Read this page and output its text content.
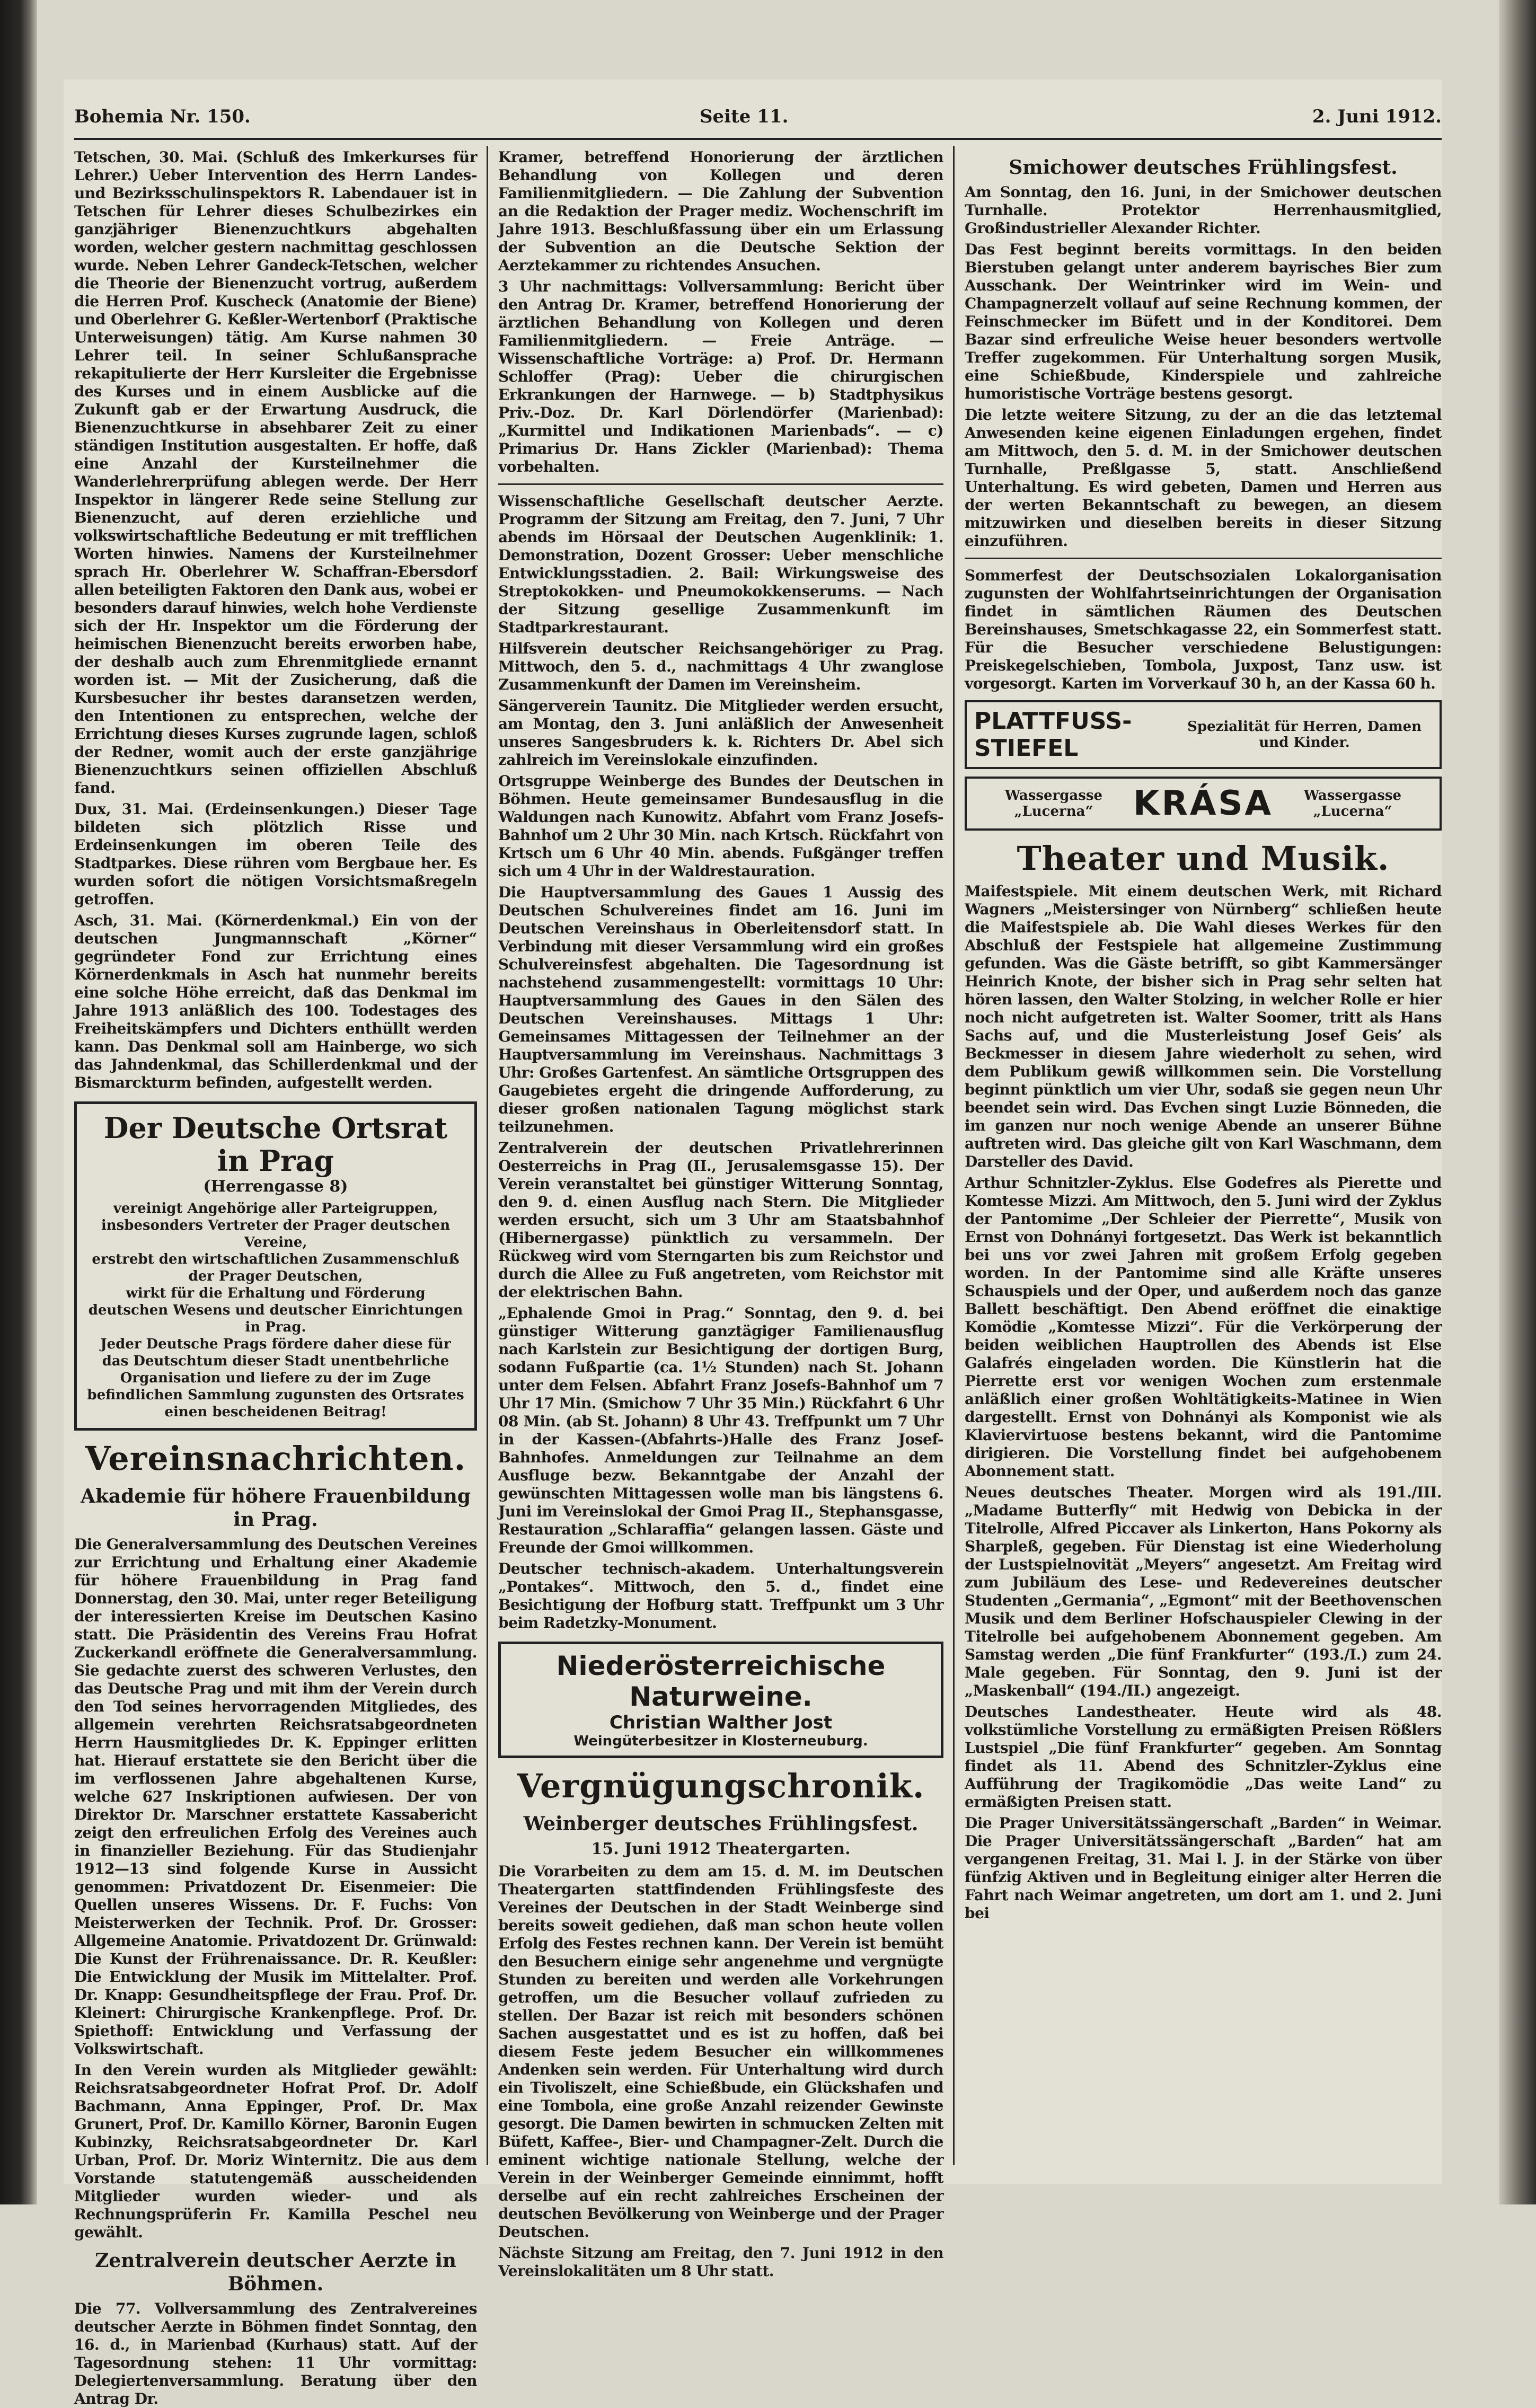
Bohemia Nr. 150.	Seite 11.	2. Juni 1912.

Tetschen, 30. Mai. (Schluß des Imkerkurses für Lehrer.) Ueber Intervention des Herrn Landes- und Bezirksschulinspektors R. Labendauer ist in Tetschen für Lehrer dieses Schulbezirkes ein ganzjähriger Bienenzuchtkurs abgehalten worden, welcher gestern nachmittag geschlossen wurde. Neben Lehrer Gandeck-Tetschen, welcher die Theorie der Bienenzucht vortrug, außerdem die Herren Prof. Kuscheck (Anatomie der Biene) und Oberlehrer G. Keßler-Wertenborf (Praktische Unterweisungen) tätig. Am Kurse nahmen 30 Lehrer teil. In seiner Schlußansprache rekapitulierte der Herr Kursleiter die Ergebnisse des Kurses und in einem Ausblicke auf die Zukunft gab er der Erwartung Ausdruck, die Bienenzuchtkurse in absehbarer Zeit zu einer ständigen Institution ausgestalten. Er hoffe, daß eine Anzahl der Kursteilnehmer die Wanderlehrerprüfung ablegen werde. Der Herr Inspektor in längerer Rede seine Stellung zur Bienenzucht, auf deren erziehliche und volkswirtschaftliche Bedeutung er mit trefflichen Worten hinwies. Namens der Kursteilnehmer sprach Hr. Oberlehrer W. Schaffran-Ebersdorf allen beteiligten Faktoren den Dank aus, wobei er besonders darauf hinwies, welch hohe Verdienste sich der Hr. Inspektor um die Förderung der heimischen Bienenzucht bereits erworben habe, der deshalb auch zum Ehrenmitgliede ernannt worden ist. — Mit der Zusicherung, daß die Kursbesucher ihr bestes daransetzen werden, den Intentionen zu entsprechen, welche der Errichtung dieses Kurses zugrunde lagen, schloß der Redner, womit auch der erste ganzjährige Bienenzuchtkurs seinen offiziellen Abschluß fand.

Dux, 31. Mai. (Erdeinsenkungen.) Dieser Tage bildeten sich plötzlich Risse und Erdeinsenkungen im oberen Teile des Stadtparkes. Diese rühren vom Bergbaue her. Es wurden sofort die nötigen Vorsichtsmaßregeln getroffen.

Asch, 31. Mai. (Körnerdenkmal.) Ein von der deutschen Jungmannschaft „Körner“ gegründeter Fond zur Errichtung eines Körnerdenkmals in Asch hat nunmehr bereits eine solche Höhe erreicht, daß das Denkmal im Jahre 1913 anläßlich des 100. Todestages des Freiheitskämpfers und Dichters enthüllt werden kann. Das Denkmal soll am Hainberge, wo sich das Jahndenkmal, das Schillerdenkmal und der Bismarckturm befinden, aufgestellt werden.

Der Deutsche Ortsrat in Prag
(Herrengasse 8)
vereinigt Angehörige aller Parteigruppen, insbesonders Vertreter der Prager deutschen Vereine,
erstrebt den wirtschaftlichen Zusammenschluß der Prager Deutschen,
wirkt für die Erhaltung und Förderung deutschen Wesens und deutscher Einrichtungen in Prag.
Jeder Deutsche Prags fördere daher diese für das Deutschtum dieser Stadt unentbehrliche Organisation und liefere zu der im Zuge befindlichen Sammlung zugunsten des Ortsrates einen bescheidenen Beitrag!
Vereinsnachrichten.
Akademie für höhere Frauenbildung in Prag.

Die Generalversammlung des Deutschen Vereines zur Errichtung und Erhaltung einer Akademie für höhere Frauenbildung in Prag fand Donnerstag, den 30. Mai, unter reger Beteiligung der interessierten Kreise im Deutschen Kasino statt. Die Präsidentin des Vereins Frau Hofrat Zuckerkandl eröffnete die Generalversammlung. Sie gedachte zuerst des schweren Verlustes, den das Deutsche Prag und mit ihm der Verein durch den Tod seines hervorragenden Mitgliedes, des allgemein verehrten Reichsratsabgeordneten Herrn Hausmitgliedes Dr. K. Eppinger erlitten hat. Hierauf erstattete sie den Bericht über die im verflossenen Jahre abgehaltenen Kurse, welche 627 Inskriptionen aufwiesen. Der von Direktor Dr. Marschner erstattete Kassabericht zeigt den erfreulichen Erfolg des Vereines auch in finanzieller Beziehung. Für das Studienjahr 1912—13 sind folgende Kurse in Aussicht genommen: Privatdozent Dr. Eisenmeier: Die Quellen unseres Wissens. Dr. F. Fuchs: Von Meisterwerken der Technik. Prof. Dr. Grosser: Allgemeine Anatomie. Privatdozent Dr. Grünwald: Die Kunst der Frührenaissance. Dr. R. Keußler: Die Entwicklung der Musik im Mittelalter. Prof. Dr. Knapp: Gesundheitspflege der Frau. Prof. Dr. Kleinert: Chirurgische Krankenpflege. Prof. Dr. Spiethoff: Entwicklung und Verfassung der Volkswirtschaft.

In den Verein wurden als Mitglieder gewählt: Reichsratsabgeordneter Hofrat Prof. Dr. Adolf Bachmann, Anna Eppinger, Prof. Dr. Max Grunert, Prof. Dr. Kamillo Körner, Baronin Eugen Kubinzky, Reichsratsabgeordneter Dr. Karl Urban, Prof. Dr. Moriz Winternitz. Die aus dem Vorstande statutengemäß ausscheidenden Mitglieder wurden wieder- und als Rechnungsprüferin Fr. Kamilla Peschel neu gewählt.

Zentralverein deutscher Aerzte in Böhmen.

Die 77. Vollversammlung des Zentralvereines deutscher Aerzte in Böhmen findet Sonntag, den 16. d., in Marienbad (Kurhaus) statt. Auf der Tagesordnung stehen: 11 Uhr vormittag: Delegiertenversammlung. Beratung über den Antrag Dr.

Kramer, betreffend Honorierung der ärztlichen Behandlung von Kollegen und deren Familienmitgliedern. — Die Zahlung der Subvention an die Redaktion der Prager mediz. Wochenschrift im Jahre 1913. Beschlußfassung über ein um Erlassung der Subvention an die Deutsche Sektion der Aerztekammer zu richtendes Ansuchen.

3 Uhr nachmittags: Vollversammlung: Bericht über den Antrag Dr. Kramer, betreffend Honorierung der ärztlichen Behandlung von Kollegen und deren Familienmitgliedern. — Freie Anträge. — Wissenschaftliche Vorträge: a) Prof. Dr. Hermann Schloffer (Prag): Ueber die chirurgischen Erkrankungen der Harnwege. — b) Stadtphysikus Priv.-Doz. Dr. Karl Dörlendörfer (Marienbad): „Kurmittel und Indikationen Marienbads“. — c) Primarius Dr. Hans Zickler (Marienbad): Thema vorbehalten.

Wissenschaftliche Gesellschaft deutscher Aerzte. Programm der Sitzung am Freitag, den 7. Juni, 7 Uhr abends im Hörsaal der Deutschen Augenklinik: 1. Demonstration, Dozent Grosser: Ueber menschliche Entwicklungsstadien. 2. Bail: Wirkungsweise des Streptokokken- und Pneumokokkenserums. — Nach der Sitzung gesellige Zusammenkunft im Stadtparkrestaurant.

Hilfsverein deutscher Reichsangehöriger zu Prag. Mittwoch, den 5. d., nachmittags 4 Uhr zwanglose Zusammenkunft der Damen im Vereinsheim.

Sängerverein Taunitz. Die Mitglieder werden ersucht, am Montag, den 3. Juni anläßlich der Anwesenheit unseres Sangesbruders k. k. Richters Dr. Abel sich zahlreich im Vereinslokale einzufinden.

Ortsgruppe Weinberge des Bundes der Deutschen in Böhmen. Heute gemeinsamer Bundesausflug in die Waldungen nach Kunowitz. Abfahrt vom Franz Josefs-Bahnhof um 2 Uhr 30 Min. nach Krtsch. Rückfahrt von Krtsch um 6 Uhr 40 Min. abends. Fußgänger treffen sich um 4 Uhr in der Waldrestauration.

Die Hauptversammlung des Gaues 1 Aussig des Deutschen Schulvereines findet am 16. Juni im Deutschen Vereinshaus in Oberleitensdorf statt. In Verbindung mit dieser Versammlung wird ein großes Schulvereinsfest abgehalten. Die Tagesordnung ist nachstehend zusammengestellt: vormittags 10 Uhr: Hauptversammlung des Gaues in den Sälen des Deutschen Vereinshauses. Mittags 1 Uhr: Gemeinsames Mittagessen der Teilnehmer an der Hauptversammlung im Vereinshaus. Nachmittags 3 Uhr: Großes Gartenfest. An sämtliche Ortsgruppen des Gaugebietes ergeht die dringende Aufforderung, zu dieser großen nationalen Tagung möglichst stark teilzunehmen.

Zentralverein der deutschen Privatlehrerinnen Oesterreichs in Prag (II., Jerusalemsgasse 15). Der Verein veranstaltet bei günstiger Witterung Sonntag, den 9. d. einen Ausflug nach Stern. Die Mitglieder werden ersucht, sich um 3 Uhr am Staatsbahnhof (Hibernergasse) pünktlich zu versammeln. Der Rückweg wird vom Sterngarten bis zum Reichstor und durch die Allee zu Fuß angetreten, vom Reichstor mit der elektrischen Bahn.

„Ephalende Gmoi in Prag.“ Sonntag, den 9. d. bei günstiger Witterung ganztägiger Familienausflug nach Karlstein zur Besichtigung der dortigen Burg, sodann Fußpartie (ca. 1½ Stunden) nach St. Johann unter dem Felsen. Abfahrt Franz Josefs-Bahnhof um 7 Uhr 17 Min. (Smichow 7 Uhr 35 Min.) Rückfahrt 6 Uhr 08 Min. (ab St. Johann) 8 Uhr 43. Treffpunkt um 7 Uhr in der Kassen-(Abfahrts-)Halle des Franz Josef-Bahnhofes. Anmeldungen zur Teilnahme an dem Ausfluge bezw. Bekanntgabe der Anzahl der gewünschten Mittagessen wolle man bis längstens 6. Juni im Vereinslokal der Gmoi Prag II., Stephansgasse, Restauration „Schlaraffia“ gelangen lassen. Gäste und Freunde der Gmoi willkommen.

Deutscher technisch-akadem. Unterhaltungsverein „Pontakes“. Mittwoch, den 5. d., findet eine Besichtigung der Hofburg statt. Treffpunkt um 3 Uhr beim Radetzky-Monument.

Niederösterreichische Naturweine.
Christian Walther Jost
Weingüterbesitzer in Klosterneuburg.
Vergnügungschronik.
Weinberger deutsches Frühlingsfest.
15. Juni 1912 Theatergarten.

Die Vorarbeiten zu dem am 15. d. M. im Deutschen Theatergarten stattfindenden Frühlingsfeste des Vereines der Deutschen in der Stadt Weinberge sind bereits soweit gediehen, daß man schon heute vollen Erfolg des Festes rechnen kann. Der Verein ist bemüht den Besuchern einige sehr angenehme und vergnügte Stunden zu bereiten und werden alle Vorkehrungen getroffen, um die Besucher vollauf zufrieden zu stellen. Der Bazar ist reich mit besonders schönen Sachen ausgestattet und es ist zu hoffen, daß bei diesem Feste jedem Besucher ein willkommenes Andenken sein werden. Für Unterhaltung wird durch ein Tivoliszelt, eine Schießbude, ein Glückshafen und eine Tombola, eine große Anzahl reizender Gewinste gesorgt. Die Damen bewirten in schmucken Zelten mit Büfett, Kaffee-, Bier- und Champagner-Zelt. Durch die eminent wichtige nationale Stellung, welche der Verein in der Weinberger Gemeinde einnimmt, hofft derselbe auf ein recht zahlreiches Erscheinen der deutschen Bevölkerung von Weinberge und der Prager Deutschen.

Nächste Sitzung am Freitag, den 7. Juni 1912 in den Vereinslokalitäten um 8 Uhr statt.

Smichower deutsches Frühlingsfest.

Am Sonntag, den 16. Juni, in der Smichower deutschen Turnhalle. Protektor Herrenhausmitglied, Großindustrieller Alexander Richter.

Das Fest beginnt bereits vormittags. In den beiden Bierstuben gelangt unter anderem bayrisches Bier zum Ausschank. Der Weintrinker wird im Wein- und Champagnerzelt vollauf auf seine Rechnung kommen, der Feinschmecker im Büfett und in der Konditorei. Dem Bazar sind erfreuliche Weise heuer besonders wertvolle Treffer zugekommen. Für Unterhaltung sorgen Musik, eine Schießbude, Kinderspiele und zahlreiche humoristische Vorträge bestens gesorgt.

Die letzte weitere Sitzung, zu der an die das letztemal Anwesenden keine eigenen Einladungen ergehen, findet am Mittwoch, den 5. d. M. in der Smichower deutschen Turnhalle, Preßlgasse 5, statt. Anschließend Unterhaltung. Es wird gebeten, Damen und Herren aus der werten Bekanntschaft zu bewegen, an diesem mitzuwirken und dieselben bereits in dieser Sitzung einzuführen.

Sommerfest der Deutschsozialen Lokalorganisation zugunsten der Wohlfahrtseinrichtungen der Organisation findet in sämtlichen Räumen des Deutschen Bereinshauses, Smetschkagasse 22, ein Sommerfest statt. Für die Besucher verschiedene Belustigungen: Preiskegelschieben, Tombola, Juxpost, Tanz usw. ist vorgesorgt. Karten im Vorverkauf 30 h, an der Kassa 60 h.

PLATTFUSS-STIEFEL
Spezialität für Herren, Damen und Kinder.
Wassergasse „Lucerna“	KRÁSA	Wassergasse „Lucerna“
Theater und Musik.

Maifestspiele. Mit einem deutschen Werk, mit Richard Wagners „Meistersinger von Nürnberg“ schließen heute die Maifestspiele ab. Die Wahl dieses Werkes für den Abschluß der Festspiele hat allgemeine Zustimmung gefunden. Was die Gäste betrifft, so gibt Kammersänger Heinrich Knote, der bisher sich in Prag sehr selten hat hören lassen, den Walter Stolzing, in welcher Rolle er hier noch nicht aufgetreten ist. Walter Soomer, tritt als Hans Sachs auf, und die Musterleistung Josef Geis’ als Beckmesser in diesem Jahre wiederholt zu sehen, wird dem Publikum gewiß willkommen sein. Die Vorstellung beginnt pünktlich um vier Uhr, sodaß sie gegen neun Uhr beendet sein wird. Das Evchen singt Luzie Bönneden, die im ganzen nur noch wenige Abende an unserer Bühne auftreten wird. Das gleiche gilt von Karl Waschmann, dem Darsteller des David.

Arthur Schnitzler-Zyklus. Else Godefres als Pierette und Komtesse Mizzi. Am Mittwoch, den 5. Juni wird der Zyklus der Pantomime „Der Schleier der Pierrette“, Musik von Ernst von Dohnányi fortgesetzt. Das Werk ist bekanntlich bei uns vor zwei Jahren mit großem Erfolg gegeben worden. In der Pantomime sind alle Kräfte unseres Schauspiels und der Oper, und außerdem noch das ganze Ballett beschäftigt. Den Abend eröffnet die einaktige Komödie „Komtesse Mizzi“. Für die Verkörperung der beiden weiblichen Hauptrollen des Abends ist Else Galafrés eingeladen worden. Die Künstlerin hat die Pierrette erst vor wenigen Wochen zum erstenmale anläßlich einer großen Wohltätigkeits-Matinee in Wien dargestellt. Ernst von Dohnányi als Komponist wie als Klaviervirtuose bestens bekannt, wird die Pantomime dirigieren. Die Vorstellung findet bei aufgehobenem Abonnement statt.

Neues deutsches Theater. Morgen wird als 191./III. „Madame Butterfly“ mit Hedwig von Debicka in der Titelrolle, Alfred Piccaver als Linkerton, Hans Pokorny als Sharpleß, gegeben. Für Dienstag ist eine Wiederholung der Lustspielnovität „Meyers“ angesetzt. Am Freitag wird zum Jubiläum des Lese- und Redevereines deutscher Studenten „Germania“, „Egmont“ mit der Beethovenschen Musik und dem Berliner Hofschauspieler Clewing in der Titelrolle bei aufgehobenem Abonnement gegeben. Am Samstag werden „Die fünf Frankfurter“ (193./I.) zum 24. Male gegeben. Für Sonntag, den 9. Juni ist der „Maskenball“ (194./II.) angezeigt.

Deutsches Landestheater. Heute wird als 48. volkstümliche Vorstellung zu ermäßigten Preisen Rößlers Lustspiel „Die fünf Frankfurter“ gegeben. Am Sonntag findet als 11. Abend des Schnitzler-Zyklus eine Aufführung der Tragikomödie „Das weite Land“ zu ermäßigten Preisen statt.

Die Prager Universitätssängerschaft „Barden“ in Weimar. Die Prager Universitätssängerschaft „Barden“ hat am vergangenen Freitag, 31. Mai l. J. in der Stärke von über fünfzig Aktiven und in Begleitung einiger alter Herren die Fahrt nach Weimar angetreten, um dort am 1. und 2. Juni bei
